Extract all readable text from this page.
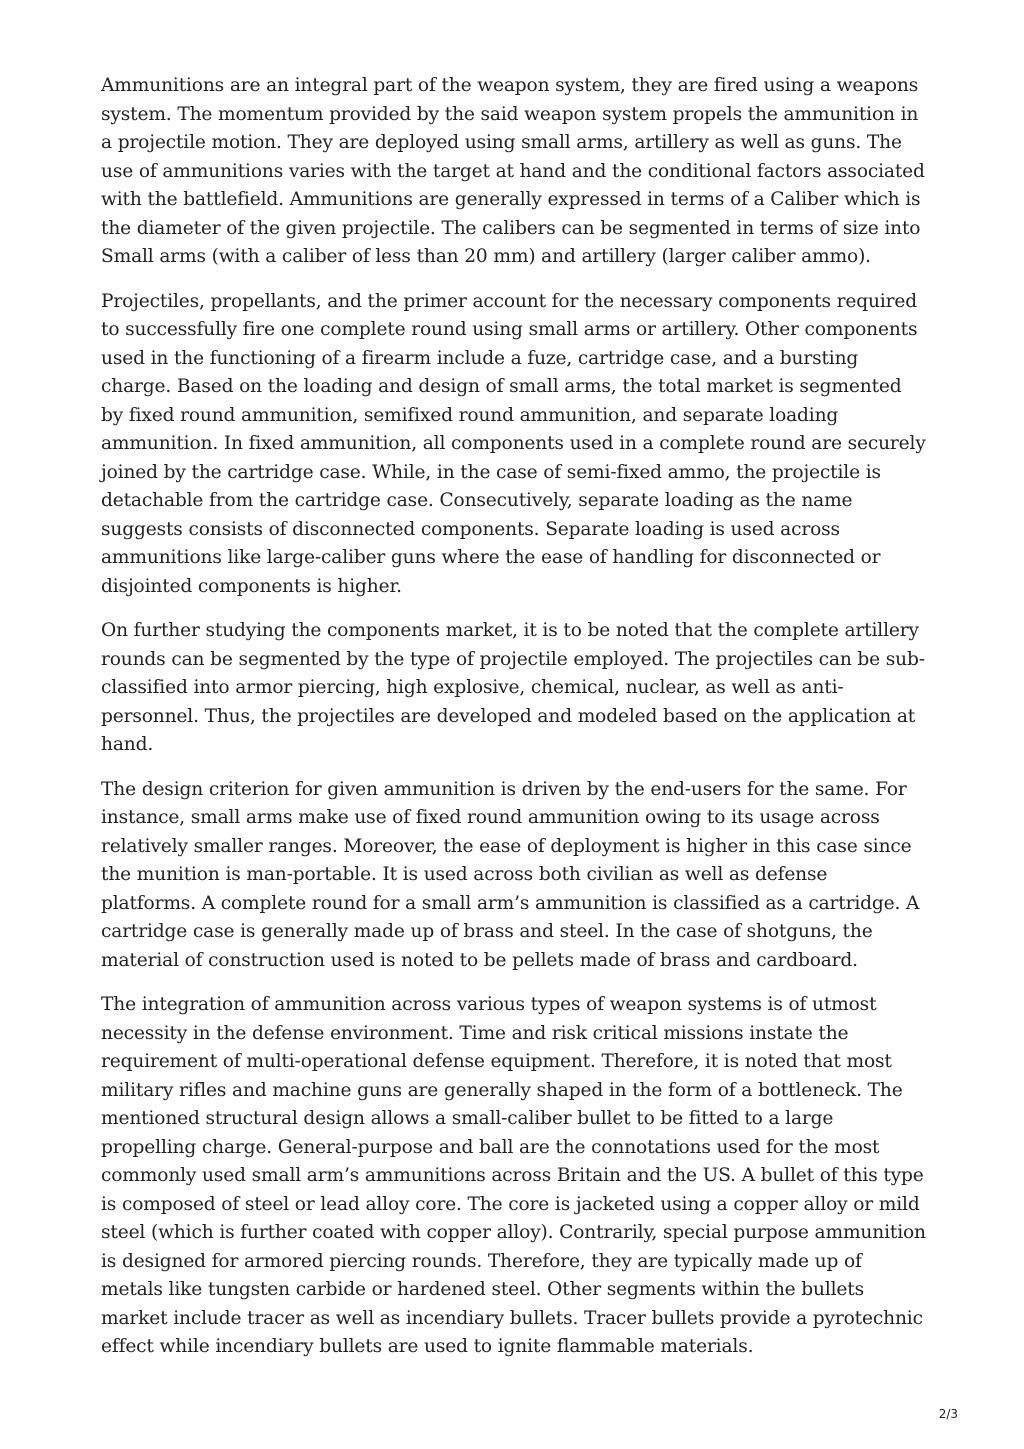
Ammunitions are an integral part of the weapon system, they are fired using a weapons system. The momentum provided by the said weapon system propels the ammunition in a projectile motion. They are deployed using small arms, artillery as well as guns. The use of ammunitions varies with the target at hand and the conditional factors associated with the battlefield. Ammunitions are generally expressed in terms of a Caliber which is the diameter of the given projectile. The calibers can be segmented in terms of size into Small arms (with a caliber of less than 20 mm) and artillery (larger caliber ammo).

Projectiles, propellants, and the primer account for the necessary components required to successfully fire one complete round using small arms or artillery. Other components used in the functioning of a firearm include a fuze, cartridge case, and a bursting charge. Based on the loading and design of small arms, the total market is segmented by fixed round ammunition, semifixed round ammunition, and separate loading ammunition. In fixed ammunition, all components used in a complete round are securely joined by the cartridge case. While, in the case of semi-fixed ammo, the projectile is detachable from the cartridge case. Consecutively, separate loading as the name suggests consists of disconnected components. Separate loading is used across ammunitions like large-caliber guns where the ease of handling for disconnected or disjointed components is higher.

On further studying the components market, it is to be noted that the complete artillery rounds can be segmented by the type of projectile employed. The projectiles can be sub-classified into armor piercing, high explosive, chemical, nuclear, as well as anti-personnel. Thus, the projectiles are developed and modeled based on the application at hand.

The design criterion for given ammunition is driven by the end-users for the same. For instance, small arms make use of fixed round ammunition owing to its usage across relatively smaller ranges. Moreover, the ease of deployment is higher in this case since the munition is man-portable. It is used across both civilian as well as defense platforms. A complete round for a small arm’s ammunition is classified as a cartridge. A cartridge case is generally made up of brass and steel. In the case of shotguns, the material of construction used is noted to be pellets made of brass and cardboard.

The integration of ammunition across various types of weapon systems is of utmost necessity in the defense environment. Time and risk critical missions instate the requirement of multi-operational defense equipment. Therefore, it is noted that most military rifles and machine guns are generally shaped in the form of a bottleneck. The mentioned structural design allows a small-caliber bullet to be fitted to a large propelling charge. General-purpose and ball are the connotations used for the most commonly used small arm’s ammunitions across Britain and the US. A bullet of this type is composed of steel or lead alloy core. The core is jacketed using a copper alloy or mild steel (which is further coated with copper alloy). Contrarily, special purpose ammunition is designed for armored piercing rounds. Therefore, they are typically made up of metals like tungsten carbide or hardened steel. Other segments within the bullets market include tracer as well as incendiary bullets. Tracer bullets provide a pyrotechnic effect while incendiary bullets are used to ignite flammable materials.

2/3
